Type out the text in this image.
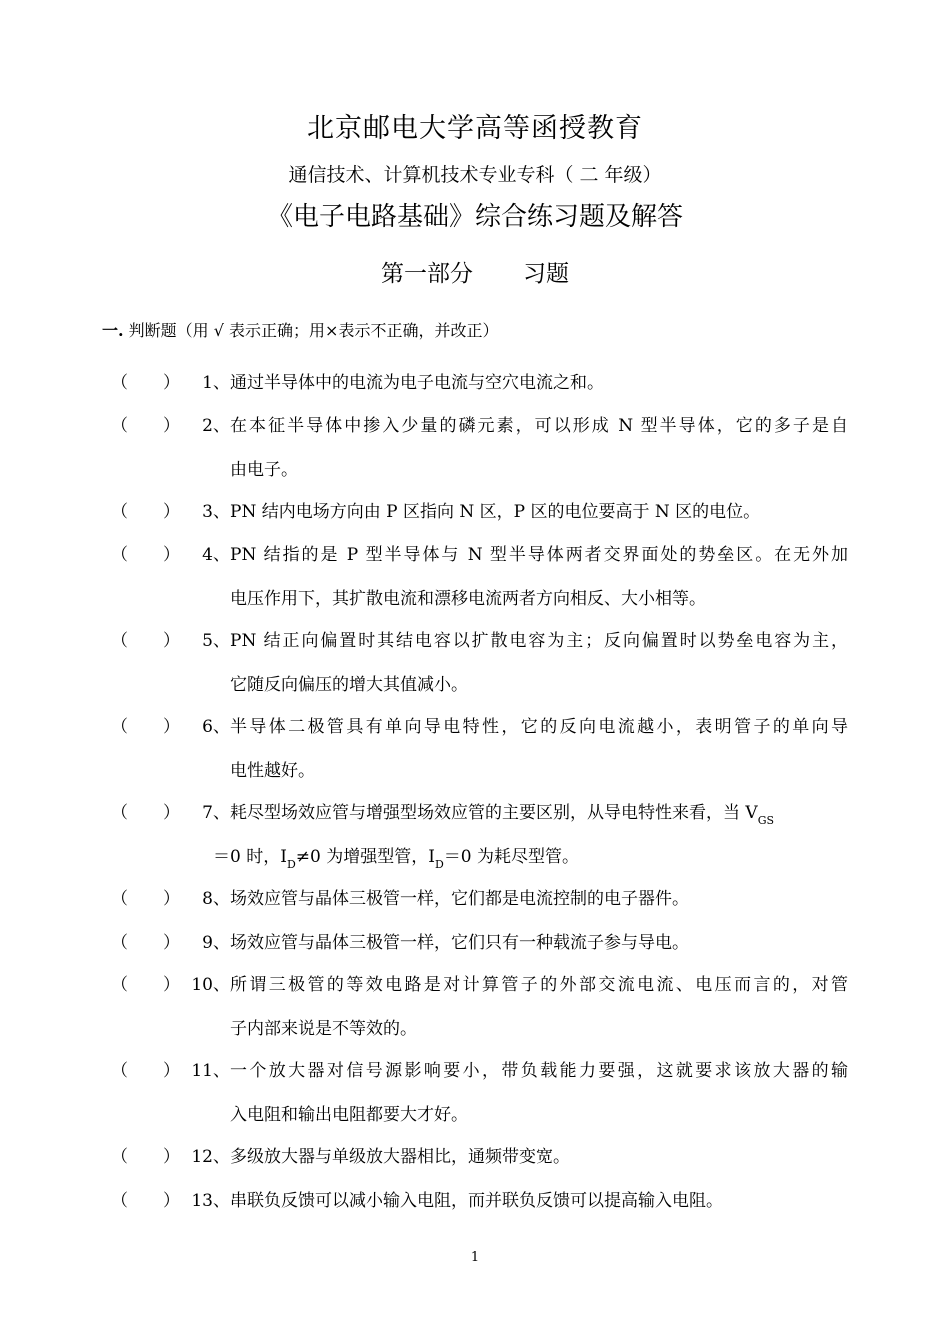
北京邮电大学高等函授教育
通信技术、计算机技术专业专科（ 二 年级）
《电子电路基础》综合练习题及解答
第一部分 习题
一. 判断题（用 √ 表示正确；用×表示不正确，并改正）
（ ） 1、 通过半导体中的电流为电子电流与空穴电流之和。
（ ） 2、 在本征半导体中掺入少量的磷元素，可以形成 N 型半导体，它的多子是自
由电子。
（ ） 3、 PN 结内电场方向由 P 区指向 N 区，P 区的电位要高于 N 区的电位。
（ ） 4、 PN 结指的是 P 型半导体与 N 型半导体两者交界面处的势垒区。在无外加
电压作用下，其扩散电流和漂移电流两者方向相反、大小相等。
（ ） 5、 PN 结正向偏置时其结电容以扩散电容为主；反向偏置时以势垒电容为主，
它随反向偏压的增大其值减小。
（ ） 6、 半导体二极管具有单向导电特性，它的反向电流越小，表明管子的单向导
电性越好。
（ ） 7、 耗尽型场效应管与增强型场效应管的主要区别，从导电特性来看，当 $V_{GS}$
＝0 时，$I_D\ne 0$ 为增强型管，$I_D=0$ 为耗尽型管。
（ ） 8、 场效应管与晶体三极管一样，它们都是电流控制的电子器件。
（ ） 9、 场效应管与晶体三极管一样，它们只有一种载流子参与导电。
（ ） 10、 所谓三极管的等效电路是对计算管子的外部交流电流、电压而言的，对管
子内部来说是不等效的。
（ ） 11、 一个放大器对信号源影响要小，带负载能力要强，这就要求该放大器的输
入电阻和输出电阻都要大才好。
（ ） 12、 多级放大器与单级放大器相比，通频带变宽。
（ ） 13、 串联负反馈可以减小输入电阻，而并联负反馈可以提高输入电阻。
1
